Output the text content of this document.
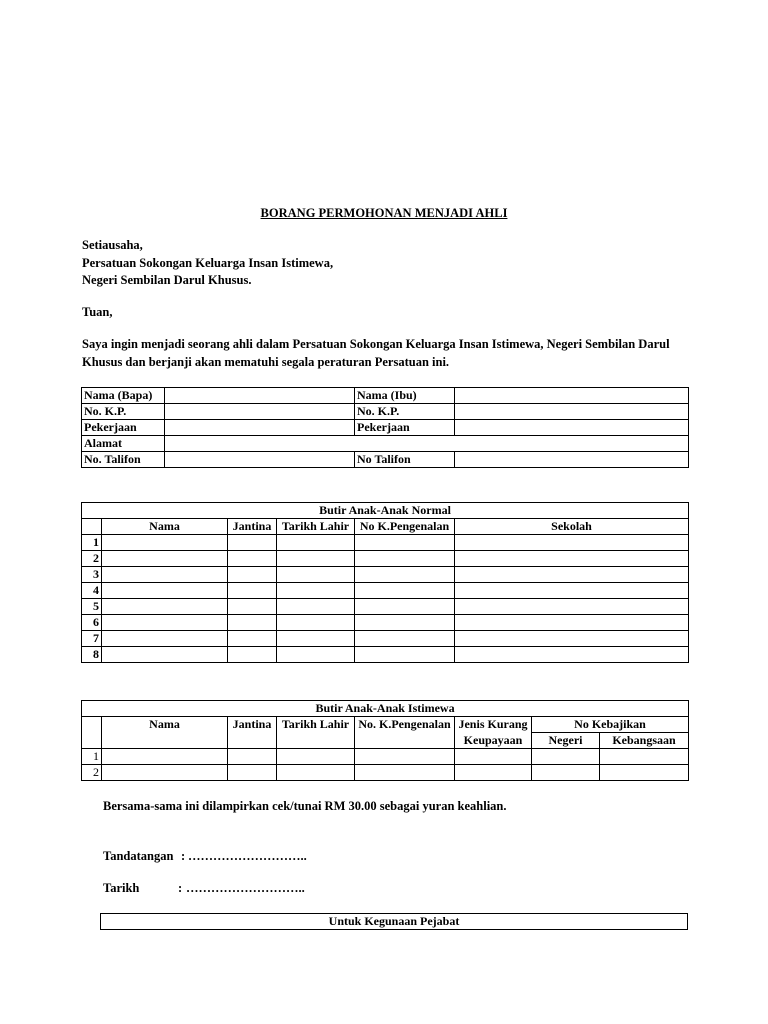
BORANG PERMOHONAN MENJADI AHLI
Setiausaha,
Persatuan Sokongan Keluarga Insan Istimewa,
Negeri Sembilan Darul Khusus.
Tuan,
Saya ingin menjadi seorang ahli dalam Persatuan Sokongan Keluarga Insan Istimewa, Negeri Sembilan Darul Khusus dan berjanji akan mematuhi segala peraturan Persatuan ini.
Nama (Bapa)		Nama (Ibu)	
No. K.P.		No. K.P.	
Pekerjaan		Pekerjaan	
Alamat			
No. Talifon		No Talifon	
Butir Anak-Anak Normal					
	Nama	Jantina	Tarikh Lahir	No K.Pengenalan	Sekolah
1					
2					
3					
4					
5					
6					
7					
8					
Butir Anak-Anak Istimewa							
	Nama	Jantina	Tarikh Lahir	No. K.Pengenalan	Jenis Kurang	No Kebajikan	
					Keupayaan	Negeri	Kebangsaan
1							
2							
Bersama-sama ini dilampirkan cek/tunai RM 30.00 sebagai yuran keahlian.
Tandatangan : ………………………..
Tarikh	: ………………………..
Untuk Kegunaan Pejabat
